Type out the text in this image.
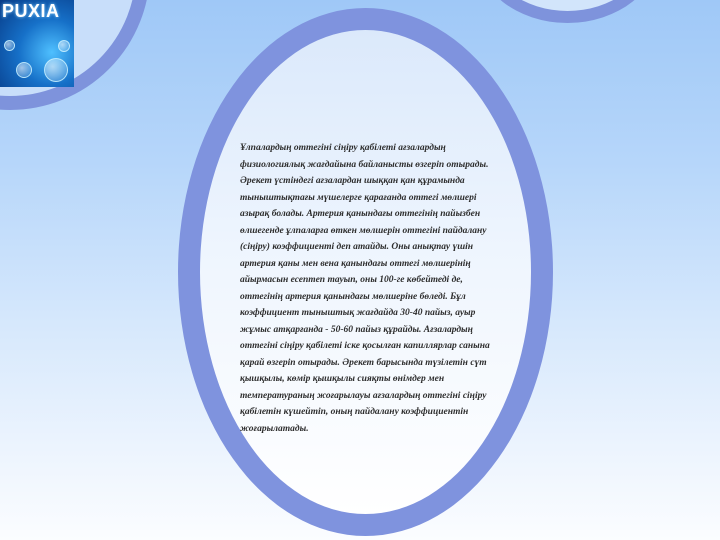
PUXIA

Ұлпалардың оттегіні сіңіру қабілеті ағзалардың
физиологиялық жағдайына байланысты өзгеріп отырады.
Әрекет үстіндегі ағзалардан шыққан қан құрамында
тыныштықтағы мүшелерге қарағанда оттегі мөлшері
азырақ болады. Артерия қанындағы оттегінің пайызбен
өлшегенде ұлпаларға өткен мөлшерін оттегіні пайдалану
(сіңіру) коэффициенті деп атайды. Оны анықтау үшін
артерия қаны мен вена қанындағы оттегі мөлшерінің
айырмасын есептеп тауып, оны 100-ге көбейтеді де,
оттегінің артерия қанындағы мөлшеріне бөледі. Бұл
коэффициент тыныштық жағдайда 30-40 пайыз, ауыр
жұмыс атқарғанда - 50-60 пайыз құрайды. Ағзалардың
оттегіні сіңіру қабілеті іске қосылған капиллярлар санына
қарай өзгеріп отырады. Әрекет барысында түзілетін сүт
қышқылы, көмір қышқылы сияқты өнімдер мен
температураның жоғарылауы ағзалардың оттегіні сіңіру
қабілетін күшейтіп, оның пайдалану коэффициентін
жоғарылатады.
